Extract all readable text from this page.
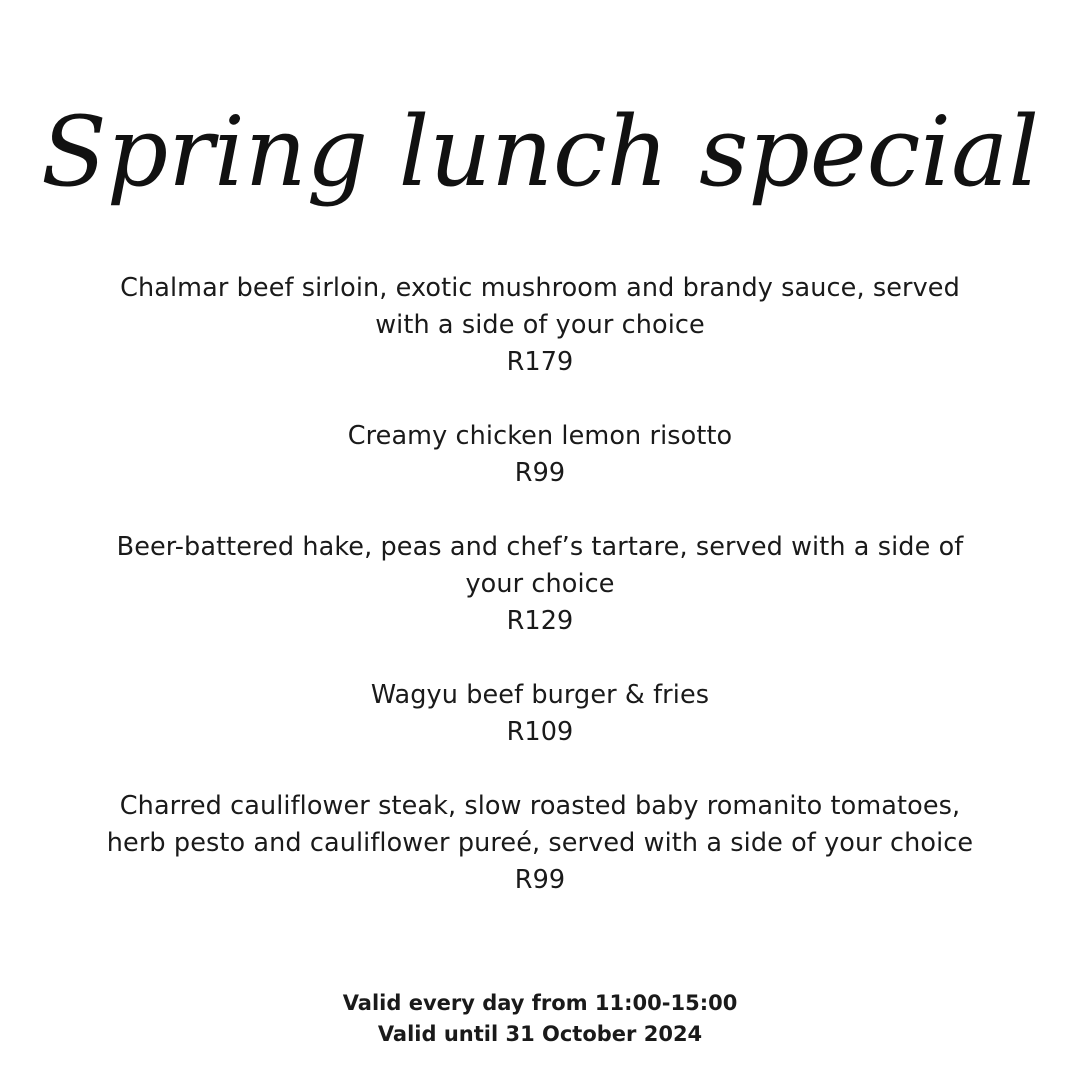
Spring lunch special
Chalmar beef sirloin, exotic mushroom and brandy sauce, served with a side of your choice
R179
Creamy chicken lemon risotto
R99
Beer-battered hake, peas and chef’s tartare, served with a side of your choice
R129
Wagyu beef burger & fries
R109
Charred cauliflower steak, slow roasted baby romanito tomatoes, herb pesto and cauliflower pureé, served with a side of your choice
R99
Valid every day from 11:00-15:00
Valid until 31 October 2024
